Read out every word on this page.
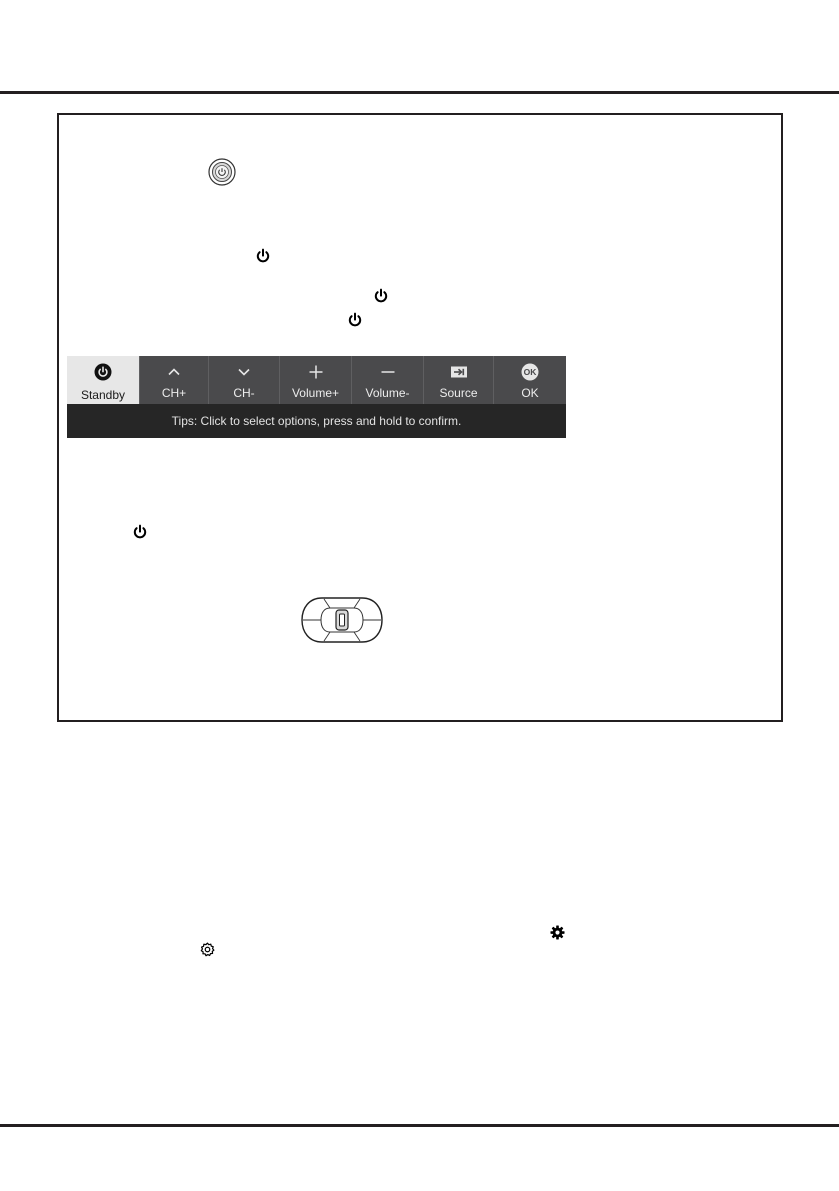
Standby	CH+	CH-	Volume+ Volume- Source
OK
OK
Tips: Click to select options, press and hold to confirm.
